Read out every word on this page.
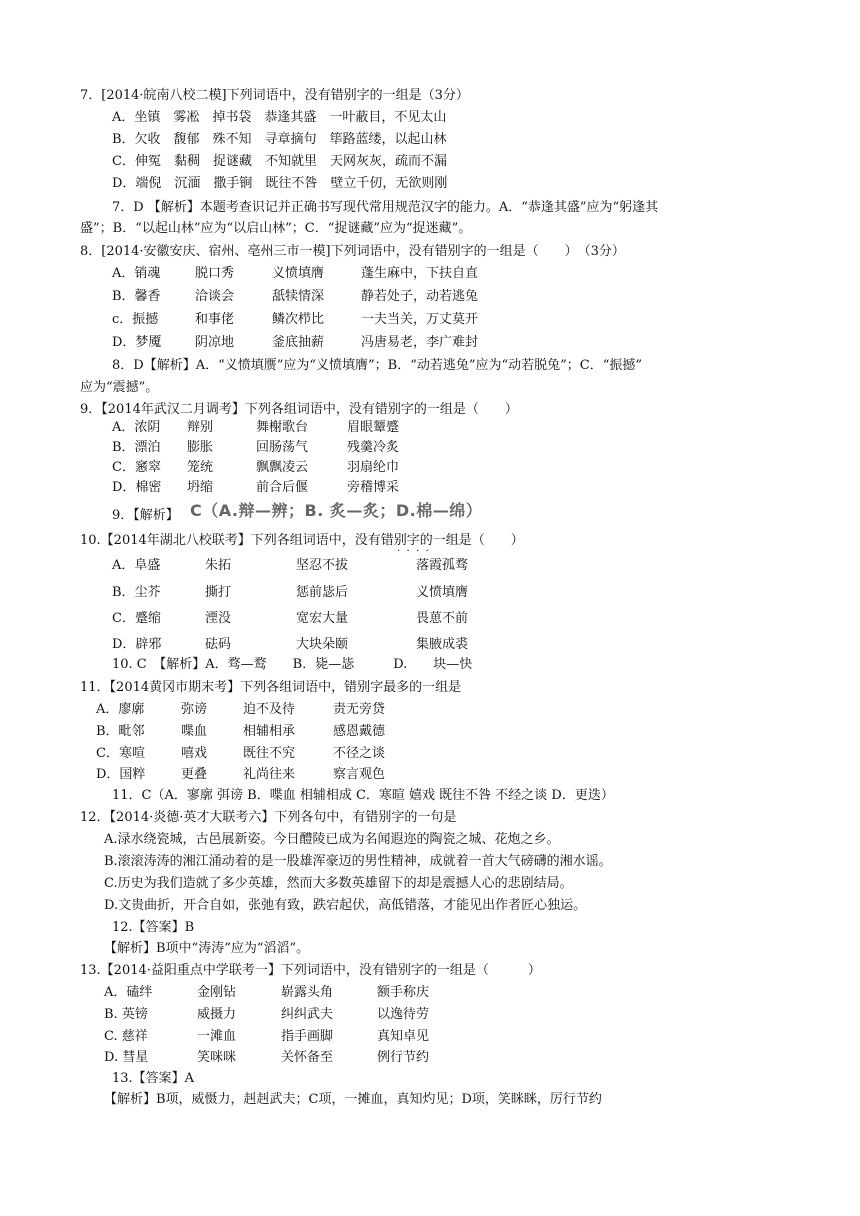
7．[2014·皖南八校二模]下列词语中，没有错别字的一组是（3分）
A．坐镇　雾凇　掉书袋　恭逢其盛　一叶蔽目，不见太山
B．欠收　馥郁　殊不知　寻章摘句　筚路蓝缕，以起山林
C．伸冤　黏稠　捉谜藏　不知就里　天网灰灰，疏而不漏
D．端倪　沉湎　撒手锏　既往不咎　壁立千仞，无欲则刚
7．D 【解析】本题考查识记并正确书写现代常用规范汉字的能力。A．“恭逢其盛”应为“躬逢其
盛”；B．“以起山林”应为“以启山林”；C．“捉谜藏”应为“捉迷藏”。
8．[2014·安徽安庆、宿州、亳州三市一模]下列词语中，没有错别字的一组是（　　）　（3分）
A．销魂	脱口秀	义愤填膺	蓬生麻中，下扶自直
B．馨香	洽谈会	舐犊情深	静若处子，动若逃兔
c．振撼	和事佬	鳞次栉比	一夫当关，万丈莫开
D．梦魇	阴凉地	釜底抽薪	冯唐易老，李广难封
8．D【解析】A．“义愤填赝”应为“义愤填膺”；B．“动若逃兔”应为“动若脱兔”；C．“振撼”
应为“震撼”。
9．【2014年武汉二月调考】下列各组词语中，没有错别字的一组是（　　）
A．浓阴 辩别	舞榭歌台	眉眼颦蹙
B．漂泊 膨胀	回肠荡气	残羹冷炙
C．窸窣 笼统	飘飘凌云	羽扇纶巾
D．棉密 坍缩	前合后偃	旁稽博采
9．【解析】 C（A.辩—辨；B. 炙—炙；D.棉—绵）
10.【2014年湖北八校联考】下列各组词语中，没有错别字的一组是（　　）
·  ·  ·  ·
A．阜盛	朱拓	坚忍不拔	落霞孤骛
B．尘芥	撕打	惩前毖后	义愤填膺
C．蹙缩	湮没	宽宏大量	畏葸不前
D．辟邪	砝码	大块朵颐	集腋成裘
10. C　【解析】A．骛—鹜　　B．毙—毖　　　D.　　块—快
11．【2014黄冈市期末考】下列各组词语中，错别字最多的一组是
A．廖廓	弥谤	迫不及待	责无旁贷
B．毗邻	喋血	相辅相承	感恩戴德
C．寒喧	嘻戏	既往不究	不径之谈
D．国粹	更叠	礼尚往来	察言观色
11．C（A．寥廓 弭谤 B．喋血 相辅相成 C．寒暄 嬉戏 既往不咎 不经之谈 D．更迭）
12．【2014·炎德·英才大联考六】下列各句中，有错别字的一句是
A.渌水绕瓷城，古邑展新姿。今日醴陵已成为名闻遐迩的陶瓷之城、花炮之乡。
B.滚滚涛涛的湘江涌动着的是一股雄浑豪迈的男性精神，成就着一首大气磅礴的湘水谣。
C.历史为我们造就了多少英雄，然而大多数英雄留下的却是震撼人心的悲剧结局。
D.文贵曲折，开合自如，张弛有致，跌宕起伏，高低错落，才能见出作者匠心独运。
12.【答案】B
【解析】B项中“涛涛”应为“滔滔”。
13.【2014·益阳重点中学联考一】下列词语中，没有错别字的一组是（　　　）
A．磕绊	金刚钻	崭露头角	额手称庆
B. 英镑	威摄力	纠纠武夫	以逸待劳
C. 慈祥	一滩血	指手画脚	真知卓见
D. 彗星	笑咪咪	关怀备至	例行节约
13.【答案】A
【解析】B项，威慑力，赳赳武夫；C项，一摊血，真知灼见；D项，笑眯眯，厉行节约
